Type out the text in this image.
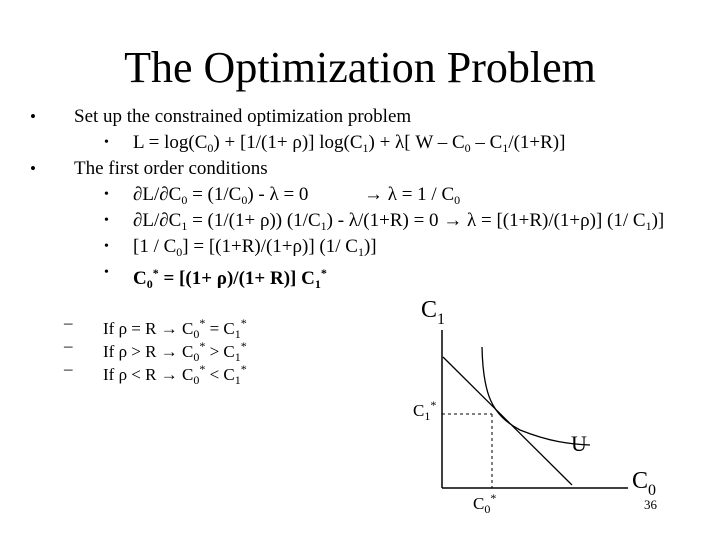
The Optimization Problem
• Set up the constrained optimization problem
• $L = \log(C_0) + [1/(1+ \rho)] \log(C_1) + \lambda$[ $W - C_0 - C_1/(1+R)$]
• The first order conditions
• $\partial L/\partial C_0 = (1/C_0) - \lambda = 0$	→ $\lambda = 1 / C_0$
• $\partial L/\partial C_1 = (1/(1+ \rho))$ $(1/C_1) - \lambda/(1+R) = 0 \to \lambda = [(1+R)/(1+\rho)]$ (1/ $C_1$)]
• $[1 / C_0] = [(1+R)/(1+\rho)]$ (1/ $C_1$)]
• $C_0^* = [(1+ \rho)/(1+ R)]$ $C_1^*$
– If $\rho = R \to C_0^* = C_1^*$
– If $\rho > R \to C_0^* > C_1^*$
– If $\rho < R \to C_0^* < C_1^*$
$C_1$
$C_1^*$
U
$C_0^*$
$C_0$
36
